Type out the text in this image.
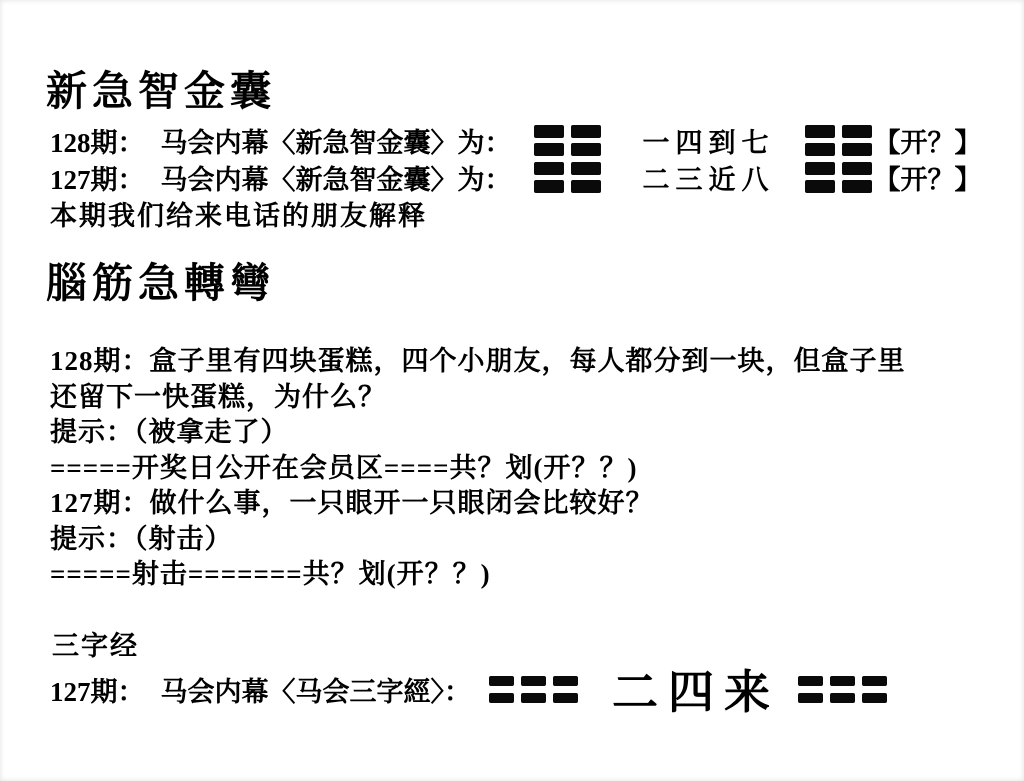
新急智金囊
128期： 马会内幕〈新急智金囊〉为：	一四到七	【开？】
127期： 马会内幕〈新急智金囊〉为：	二三近八	【开？】
本期我们给来电话的朋友解释
腦筋急轉彎
128期：盒子里有四块蛋糕，四个小朋友，每人都分到一块，但盒子里
还留下一快蛋糕，为什么？
提示：（被拿走了）
=====开奖日公开在会员区====共？划(开？？)
127期：做什么事，一只眼开一只眼闭会比较好？
提示：（射击）
=====射击=======共？划(开？？)
三字经
127期： 马会内幕〈马会三字經〉：	二四来
